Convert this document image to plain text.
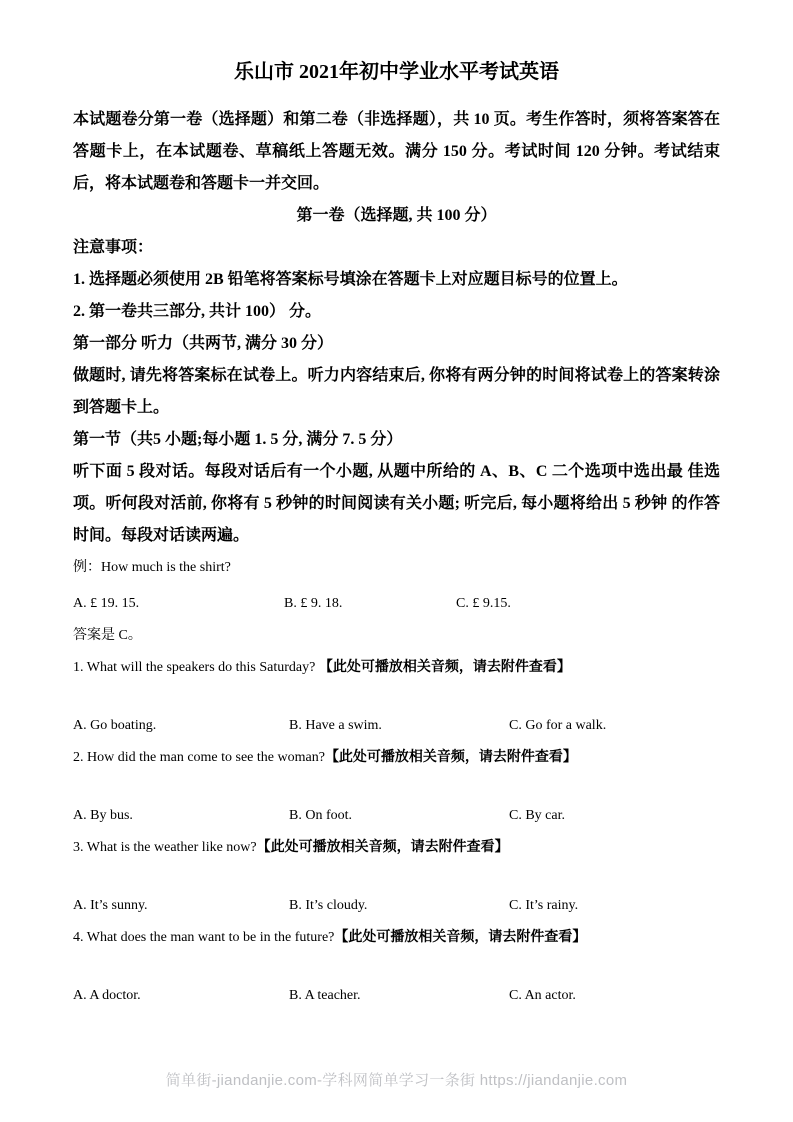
乐山市 2021年初中学业水平考试英语

本试题卷分第一卷（选择题）和第二卷（非选择题），共 10 页。考生作答时，须将答案答在答题卡上，在本试题卷、草稿纸上答题无效。满分 150 分。考试时间 120 分钟。考试结束后，将本试题卷和答题卡一并交回。

第一卷（选择题, 共 100 分）

注意事项：

1. 选择题必须使用 2B 铅笔将答案标号填涂在答题卡上对应题目标号的位置上。

2. 第一卷共三部分, 共计 100） 分。

第一部分 听力（共两节, 满分 30 分）

做题时, 请先将答案标在试卷上。听力内容结束后, 你将有两分钟的时间将试卷上的答案转涂到答题卡上。

第一节（共5 小题;每小题 1. 5 分, 满分 7. 5 分）

听下面 5 段对话。每段对话后有一个小题, 从题中所给的 A、B、C 二个选项中选出最 佳选项。听何段对活前, 你将有 5 秒钟的时间阅读有关小题; 听完后, 每小题将给出 5 秒钟 的作答时间。每段对话读两遍。

例：How much is the shirt?

A. £ 19. 15.	B. £ 9. 18.	C. £ 9.15.

答案是 C。

1. What will the speakers do this Saturday? 【此处可播放相关音频，请去附件查看】

A. Go boating.	B. Have a swim.	C. Go for a walk.

2. How did the man come to see the woman?【此处可播放相关音频，请去附件查看】

A. By bus.	B. On foot.	C. By car.

3. What is the weather like now?【此处可播放相关音频，请去附件查看】

A. It’s sunny.	B. It’s cloudy.	C. It’s rainy.

4. What does the man want to be in the future?【此处可播放相关音频，请去附件查看】

A. A doctor.	B. A teacher.	C. An actor.
简单街-jiandanjie.com-学科网简单学习一条街 https://jiandanjie.com
